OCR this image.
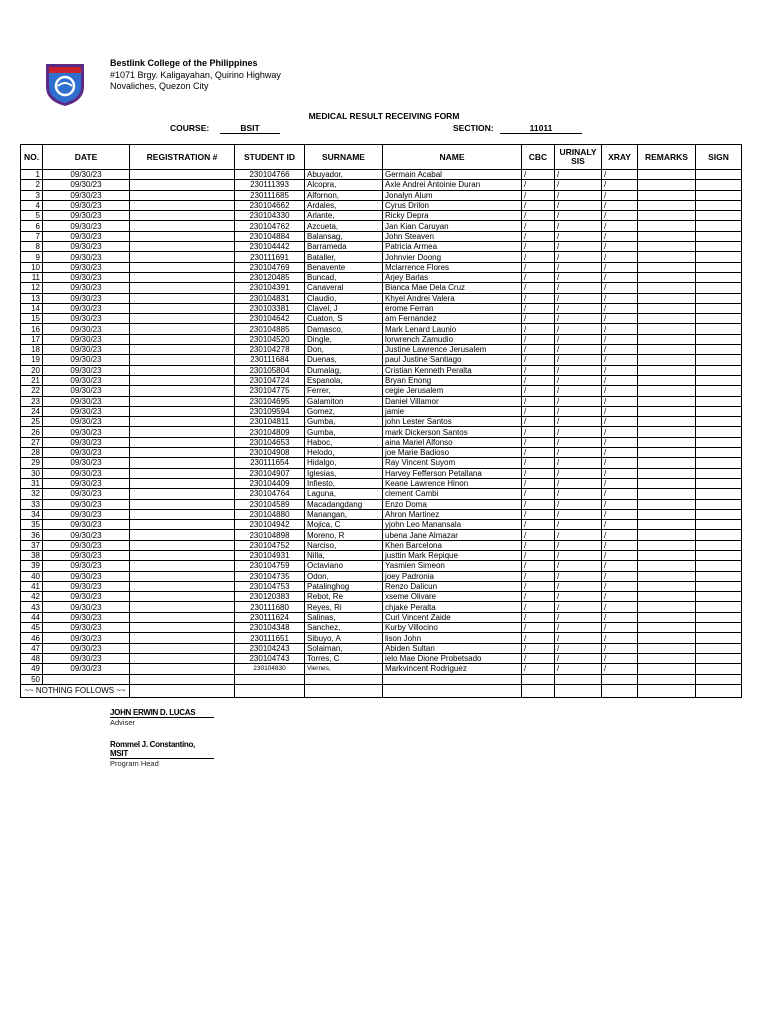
Bestlink College of the Philippines
#1071 Brgy. Kaligayahan, Quirino Highway
Novaliches, Quezon City
MEDICAL RESULT RECEIVING FORM
COURSE:	BSIT	SECTION:	11011
NO.	DATE	REGISTRATION #	STUDENT ID	SURNAME	NAME	CBC	URINALYSIS	XRAY	REMARKS	SIGN
1	09/30/23		230104766	Abuyador,	Germain Acabal	/	/	/		
2	09/30/23		230111393	Alcopra,	Axle Andrei Antoinie Duran	/	/	/		
3	09/30/23		230111685	Alfornon,	Jonalyn Alum	/	/	/		
4	09/30/23		230104662	Ardales,	Cyrus Drilon	/	/	/		
5	09/30/23		230104330	Arlante,	Ricky Depra	/	/	/		
6	09/30/23		230104762	Azcueta,	Jan Kian Caruyan	/	/	/		
7	09/30/23		230104884	Balansag,	John Steaven	/	/	/		
8	09/30/23		230104442	Barrameda	Patricia Armea	/	/	/		
9	09/30/23		230111691	Bataller,	Johnvier Doong	/	/	/		
10	09/30/23		230104769	Benavente	Mclarrence Flores	/	/	/		
11	09/30/23		230120485	Buncad,	Arjey Barlas	/	/	/		
12	09/30/23		230104391	Canaveral	Bianca Mae Dela Cruz	/	/	/		
13	09/30/23		230104831	Claudio,	Khyel Andrei Valera	/	/	/		
14	09/30/23		230103381	Clavel, J	erome Ferran	/	/	/		
15	09/30/23		230104642	Cuaton, S	am Fernandez	/	/	/		
16	09/30/23		230104885	Damasco,	Mark Lenard Launio	/	/	/		
17	09/30/23		230104520	Dingle,	lorwrench Zamudio	/	/	/		
18	09/30/23		230104278	Don,	Justine Lawrence Jerusalem	/	/	/		
19	09/30/23		230111684	Duenas,	paul Justine Santiago	/	/	/		
20	09/30/23		230105804	Dumalag,	Cristian Kenneth Peralta	/	/	/		
21	09/30/23		230104724	Espanola,	Bryan Enong	/	/	/		
22	09/30/23		230104775	Ferrer,	cegie Jerusalem	/	/	/		
23	09/30/23		230104695	Galamiton	Daniel Villamor	/	/	/		
24	09/30/23		230109594	Gomez,	jamie	/	/	/		
25	09/30/23		230104811	Gumba,	john Lester Santos	/	/	/		
26	09/30/23		230104809	Gumba,	mark Dickerson Santos	/	/	/		
27	09/30/23		230104653	Haboc,	aina Mariel Alfonso	/	/	/		
28	09/30/23		230104908	Helodo,	joe Marie Badioso	/	/	/		
29	09/30/23		230111654	Hidalgo,	Ray Vincent Suyom	/	/	/		
30	09/30/23		230104907	Iglesias,	Harvey Fefferson Petallana	/	/	/		
31	09/30/23		230104409	Infiesto,	Keane Lawrence Hinon	/	/	/		
32	09/30/23		230104764	Laguna,	clement Cambi	/	/	/		
33	09/30/23		230104589	Macadangdang	Enzo Doma	/	/	/		
34	09/30/23		230104880	Manangan,	Ahron Martinez	/	/	/		
35	09/30/23		230104942	Mojica, C	yjohn Leo Manansala	/	/	/		
36	09/30/23		230104898	Moreno, R	ubena Jane Almazar	/	/	/		
37	09/30/23		230104752	Narciso,	Khen Barcelona	/	/	/		
38	09/30/23		230104931	Nilla,	justtin Mark Repique	/	/	/		
39	09/30/23		230104759	Octaviano	Yasmien Simeon	/	/	/		
40	09/30/23		230104735	Odon,	joey Padronia	/	/	/		
41	09/30/23		230104753	Patalinghog	Renzo Dalicun	/	/	/		
42	09/30/23		230120383	Rebot, Re	xseme Olivare	/	/	/		
43	09/30/23		230111680	Reyes, Ri	chjake Peralta	/	/	/		
44	09/30/23		230111624	Salinas,	Curl Vincent Zaide	/	/	/		
45	09/30/23		230104348	Sanchez,	Kurby Villocino	/	/	/		
46	09/30/23		230111651	Sibuyo, A	lison John	/	/	/		
47	09/30/23		230104243	Solaiman,	Abiden Sultan	/	/	/		
48	09/30/23		230104743	Torres, C	ielo Mae Dione Probetsado	/	/	/		
49	09/30/23		230104830	Viernes,	Markvincent Rodriguez	/	/	/		
50										
~~ NOTHING FOLLOWS ~~										
JOHN ERWIN D. LUCAS
Adviser
Rommel J. Constantino, MSIT
Program Head
